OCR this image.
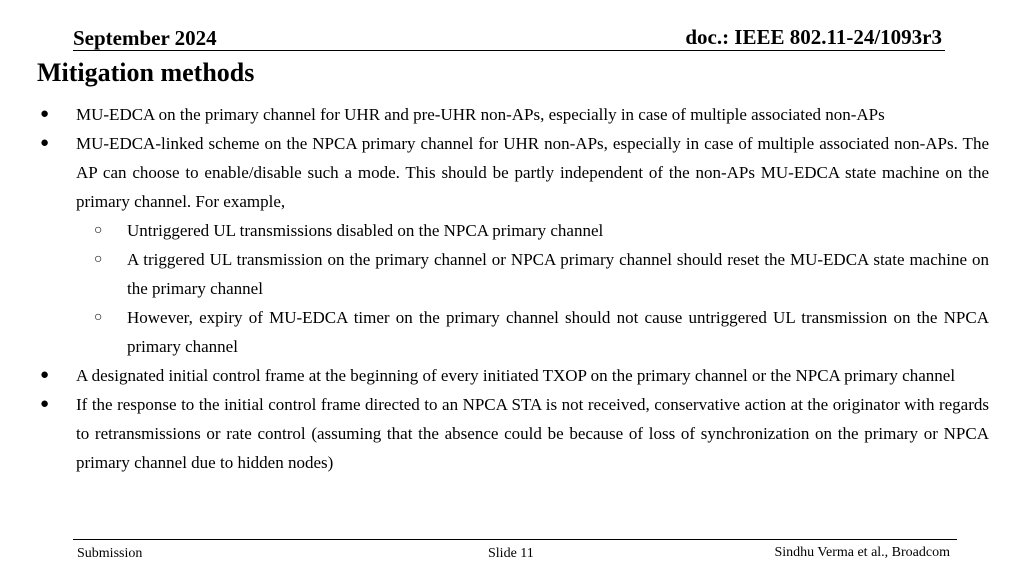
September 2024	doc.: IEEE 802.11-24/1093r3
Mitigation methods
● MU-EDCA on the primary channel for UHR and pre-UHR non-APs, especially in case of multiple associated non-APs
● MU-EDCA-linked scheme on the NPCA primary channel for UHR non-APs, especially in case of multiple associated non-APs. The AP can choose to enable/disable such a mode. This should be partly independent of the non-APs MU-EDCA state machine on the primary channel. For example,
○ Untriggered UL transmissions disabled on the NPCA primary channel
○ A triggered UL transmission on the primary channel or NPCA primary channel should reset the MU-EDCA state machine on the primary channel
○ However, expiry of MU-EDCA timer on the primary channel should not cause untriggered UL transmission on the NPCA primary channel
● A designated initial control frame at the beginning of every initiated TXOP on the primary channel or the NPCA primary channel
● If the response to the initial control frame directed to an NPCA STA is not received, conservative action at the originator with regards to retransmissions or rate control (assuming that the absence could be because of loss of synchronization on the primary or NPCA primary channel due to hidden nodes)
Submission	Slide 11	Sindhu Verma et al., Broadcom
